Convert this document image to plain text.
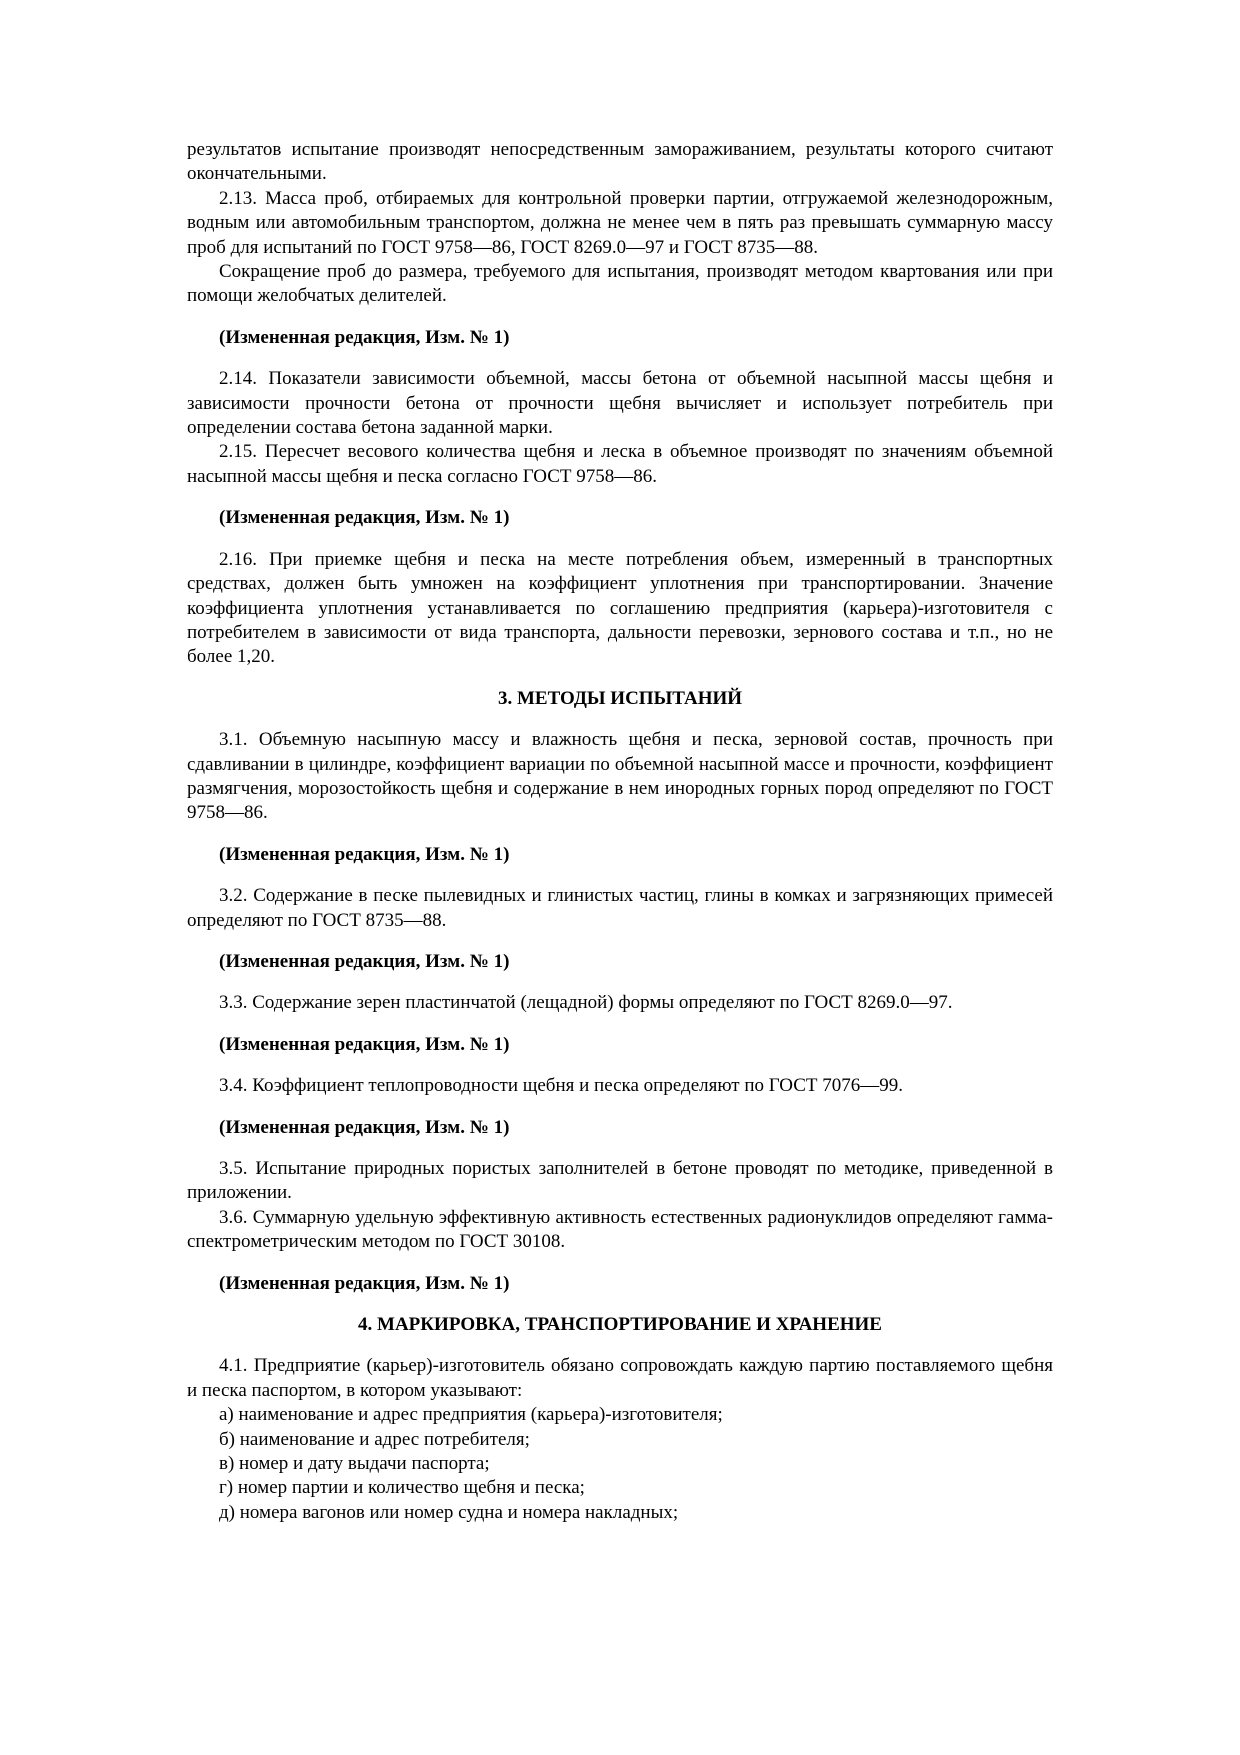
результатов испытание производят непосредственным замораживанием, результаты которого считают окончательными.
2.13. Масса проб, отбираемых для контрольной проверки партии, отгружаемой железнодорожным, водным или автомобильным транспортом, должна не менее чем в пять раз превышать суммарную массу проб для испытаний по ГОСТ 9758—86, ГОСТ 8269.0—97 и ГОСТ 8735—88.
Сокращение проб до размера, требуемого для испытания, производят методом квартования или при помощи желобчатых делителей.
(Измененная редакция, Изм. № 1)
2.14. Показатели зависимости объемной, массы бетона от объемной насыпной массы щебня и зависимости прочности бетона от прочности щебня вычисляет и использует потребитель при определении состава бетона заданной марки.
2.15. Пересчет весового количества щебня и леска в объемное производят по значениям объемной насыпной массы щебня и песка согласно ГОСТ 9758—86.
(Измененная редакция, Изм. № 1)
2.16. При приемке щебня и песка на месте потребления объем, измеренный в транспортных средствах, должен быть умножен на коэффициент уплотнения при транспортировании. Значение коэффициента уплотнения устанавливается по соглашению предприятия (карьера)-изготовителя с потребителем в зависимости от вида транспорта, дальности перевозки, зернового состава и т.п., но не более 1,20.
3. МЕТОДЫ ИСПЫТАНИЙ
3.1. Объемную насыпную массу и влажность щебня и песка, зерновой состав, прочность при сдавливании в цилиндре, коэффициент вариации по объемной насыпной массе и прочности, коэффициент размягчения, морозостойкость щебня и содержание в нем инородных горных пород определяют по ГОСТ 9758—86.
(Измененная редакция, Изм. № 1)
3.2. Содержание в песке пылевидных и глинистых частиц, глины в комках и загрязняющих примесей определяют по ГОСТ 8735—88.
(Измененная редакция, Изм. № 1)
3.3. Содержание зерен пластинчатой (лещадной) формы определяют по ГОСТ 8269.0—97.
(Измененная редакция, Изм. № 1)
3.4. Коэффициент теплопроводности щебня и песка определяют по ГОСТ 7076—99.
(Измененная редакция, Изм. № 1)
3.5. Испытание природных пористых заполнителей в бетоне проводят по методике, приведенной в приложении.
3.6. Суммарную удельную эффективную активность естественных радионуклидов определяют гамма-спектрометрическим методом по ГОСТ 30108.
(Измененная редакция, Изм. № 1)
4. МАРКИРОВКА, ТРАНСПОРТИРОВАНИЕ И ХРАНЕНИЕ
4.1. Предприятие (карьер)-изготовитель обязано сопровождать каждую партию поставляемого щебня и песка паспортом, в котором указывают:
а) наименование и адрес предприятия (карьера)-изготовителя;
б) наименование и адрес потребителя;
в) номер и дату выдачи паспорта;
г) номер партии и количество щебня и песка;
д) номера вагонов или номер судна и номера накладных;
